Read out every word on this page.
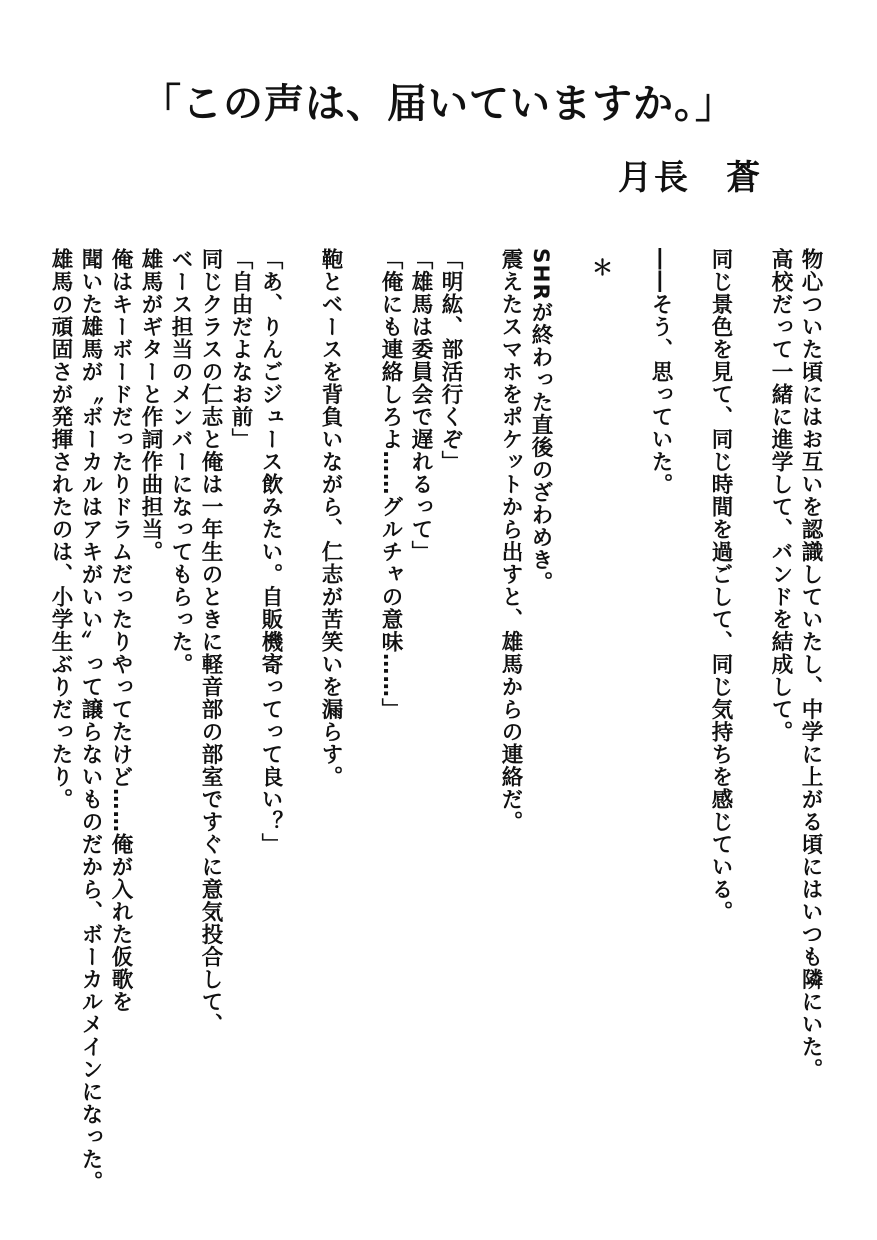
「この声は、届いていますか。」
月長　蒼

物心ついた頃にはお互いを認識していたし、中学に上がる頃にはいつも隣にいた。

高校だって一緒に進学して、バンドを結成して。

同じ景色を見て、同じ時間を過ごして、同じ気持ちを感じている。

――そう、思っていた。

＊

SHRが終わった直後のざわめき。

震えたスマホをポケットから出すと、雄馬からの連絡だ。

「明紘、部活行くぞ」

「雄馬は委員会で遅れるって」

「俺にも連絡しろよ……グルチャの意味……」

鞄とベースを背負いながら、仁志が苦笑いを漏らす。

「あ、りんごジュース飲みたい。自販機寄ってって良い？」

「自由だよなお前」

同じクラスの仁志と俺は一年生のときに軽音部の部室ですぐに意気投合して、

ベース担当のメンバーになってもらった。

雄馬がギターと作詞作曲担当。

俺はキーボードだったりドラムだったりやってたけど……俺が入れた仮歌を

聞いた雄馬が〝ボーカルはアキがいい〟って譲らないものだから、ボーカルメインになった。

雄馬の頑固さが発揮されたのは、小学生ぶりだったり。
